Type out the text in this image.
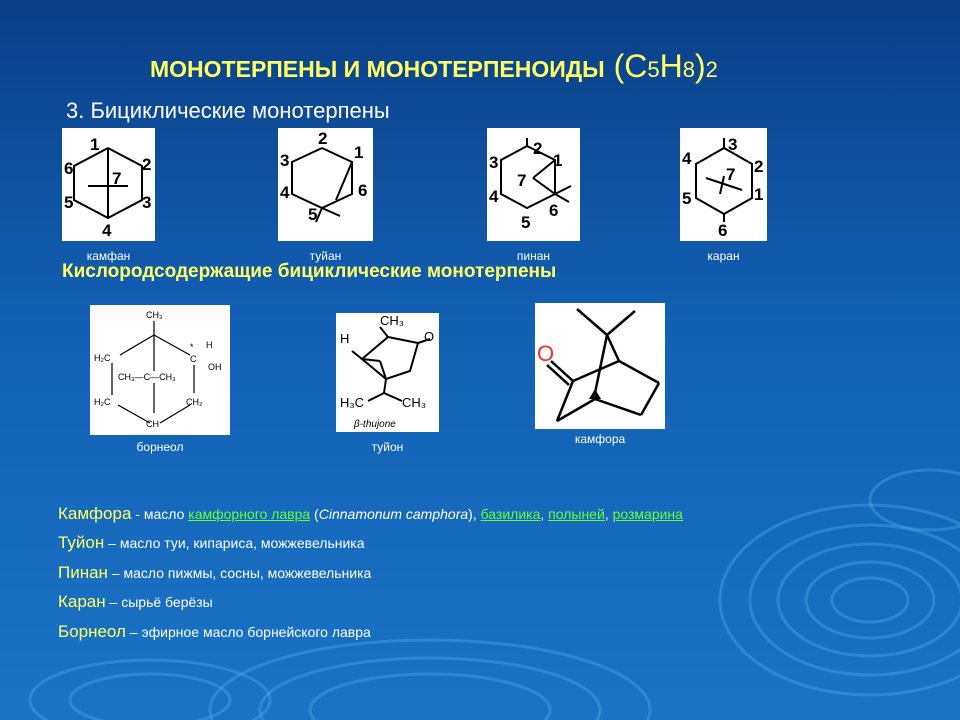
МОНОТЕРПЕНЫ И МОНОТЕРПЕНОИДЫ (C5H8)2
3. Бициклические монотерпены
1
2
7
6
5	3
4
камфан
2
3	1
4	6
5
туйан
3
2
1
7
4
6
5
пинан
4
3
2
7
1
5
6
каран
Кислородсодержащие бициклические монотерпены
CH₃
H₂C	C
* H
OH
CH₃—C—CH₃
H₂C
CH
CH₂
борнеол
CH₃
H	O
H₃C	CH₃
β-thujone
туйон
O
камфора
Камфора - масло камфорного лавра (Cinnamonum camphora), базилика, полыней, розмарина
Туйон – масло туи, кипариса, можжевельника
Пинан – масло пижмы, сосны, можжевельника
Каран – сырьё берёзы
Борнеол – эфирное масло борнейского лавра
